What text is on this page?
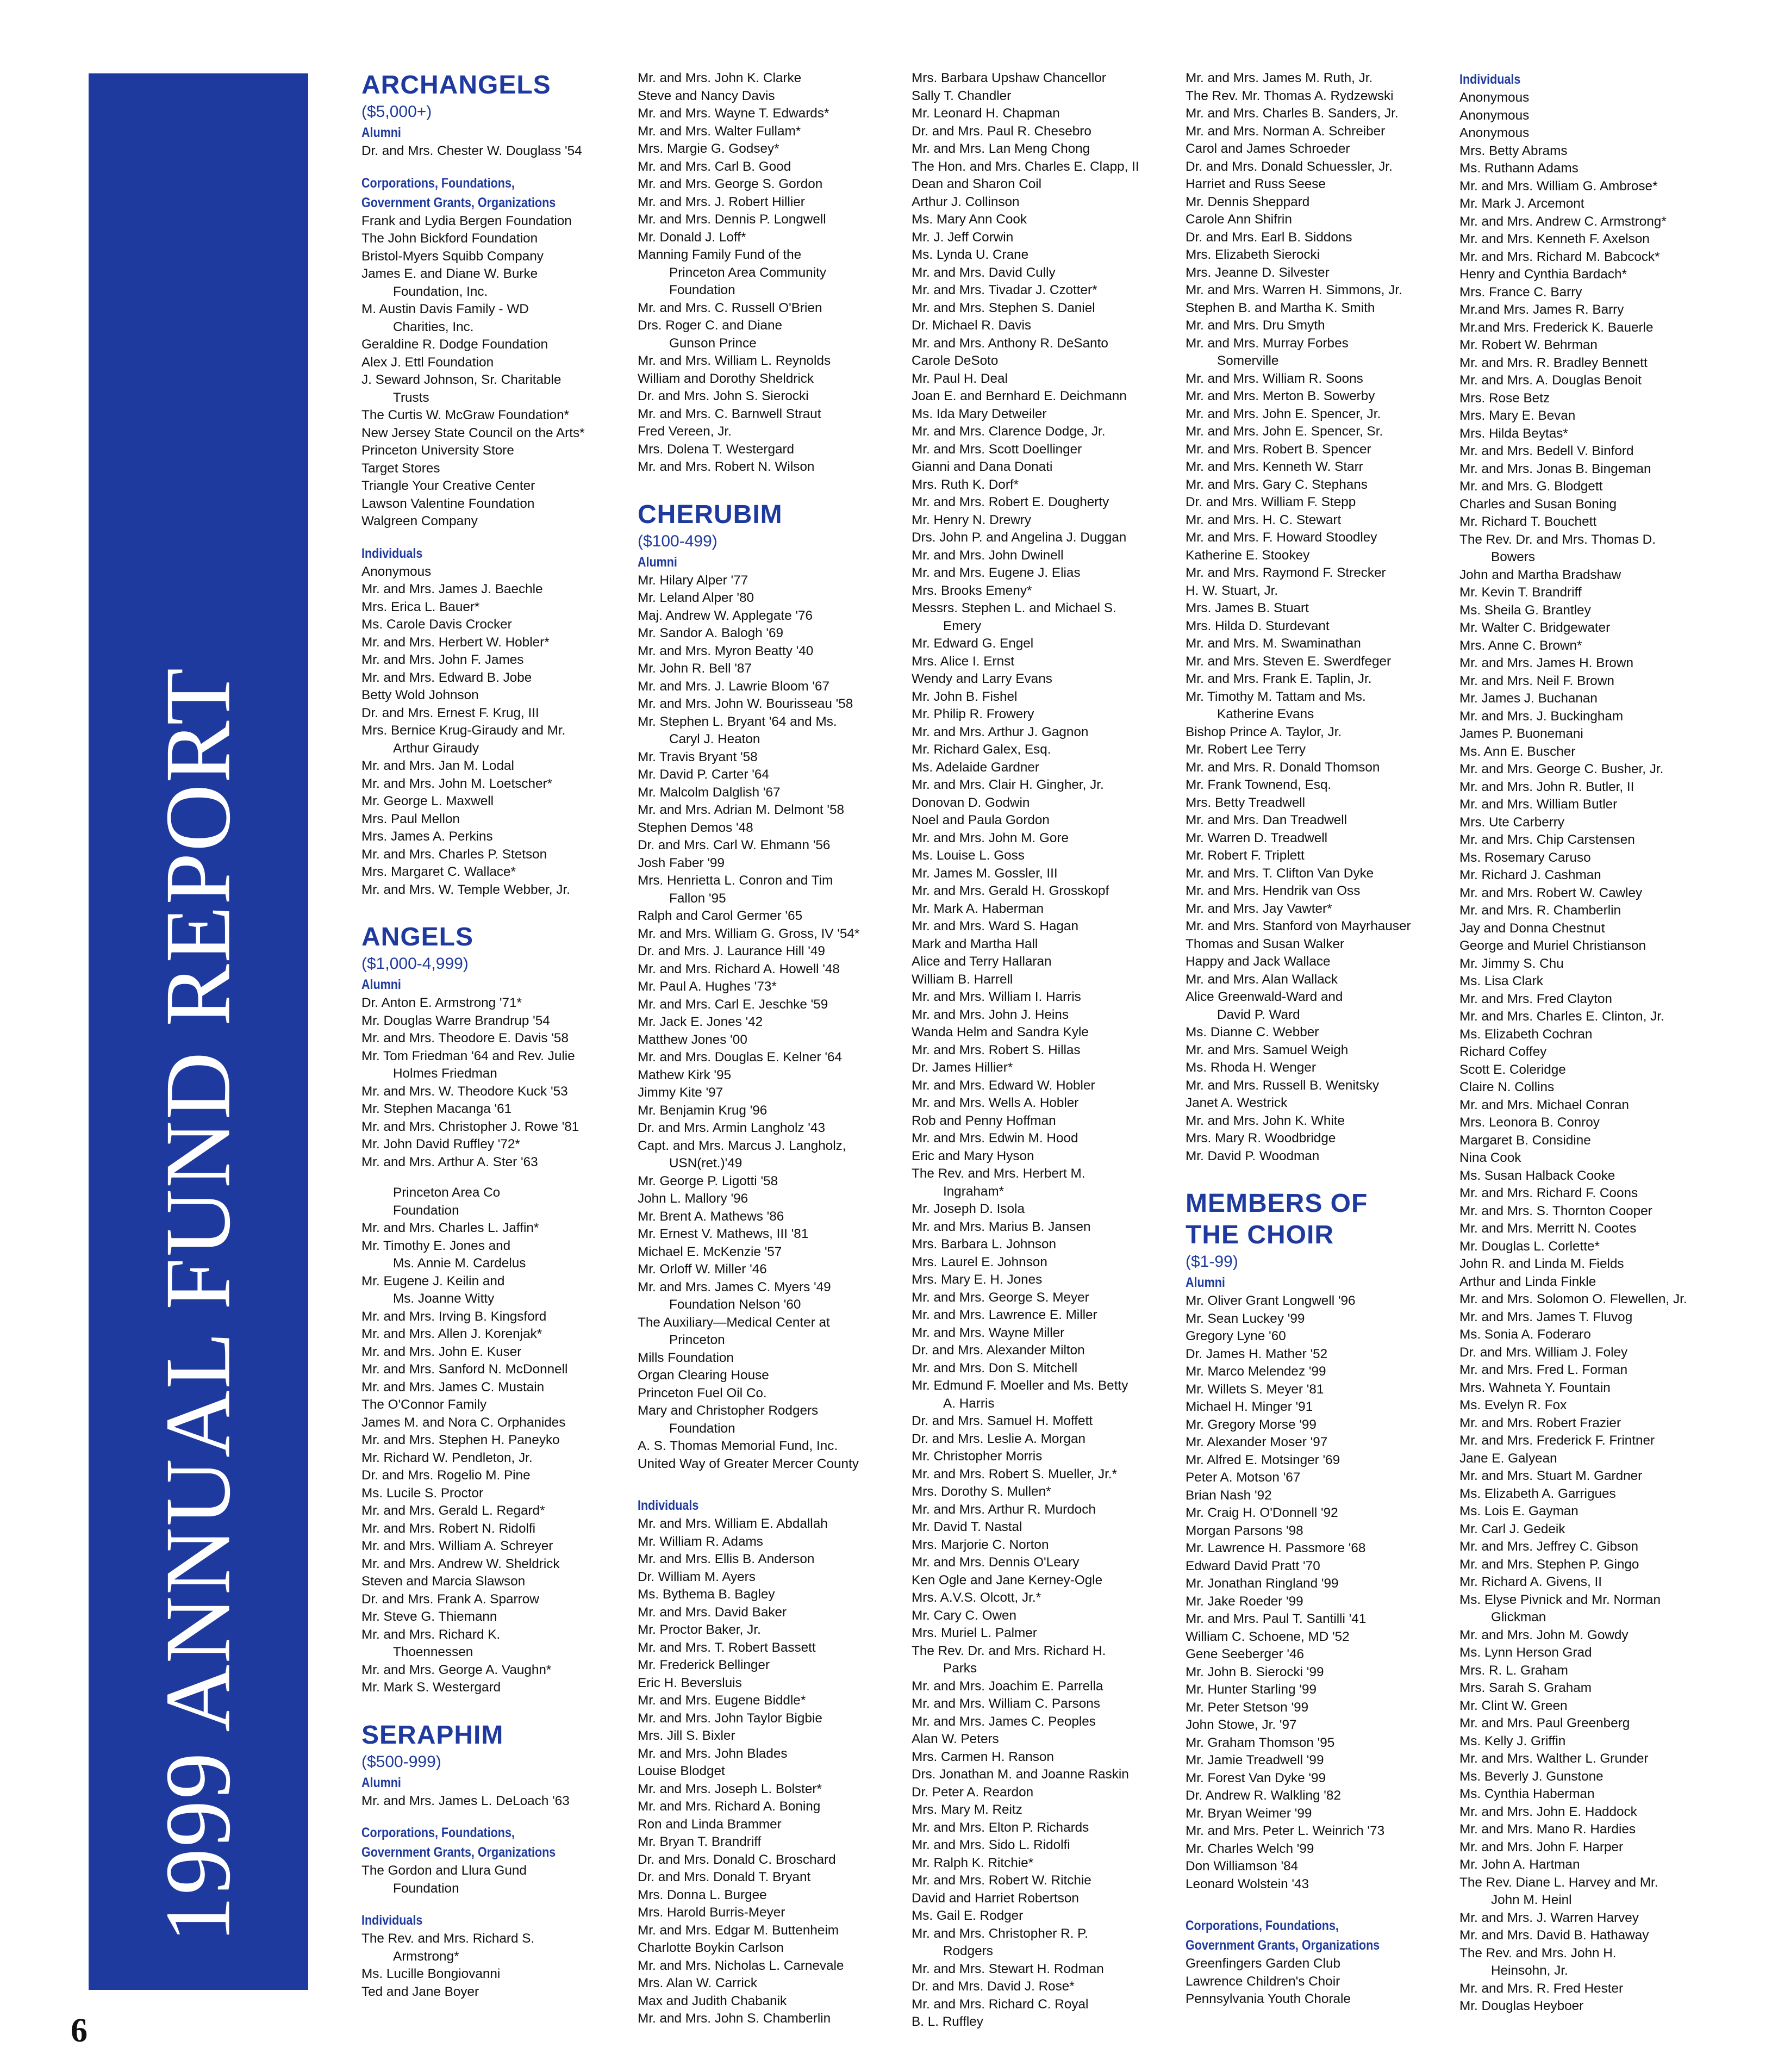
1999 ANNUAL FUND REPORT
6
ARCHANGELS
($5,000+)
Alumni
Dr. and Mrs. Chester W. Douglass '54
Corporations, Foundations,
Government Grants, Organizations
Frank and Lydia Bergen Foundation
The John Bickford Foundation
Bristol-Myers Squibb Company
James E. and Diane W. Burke
Foundation, Inc.
M. Austin Davis Family - WD
Charities, Inc.
Geraldine R. Dodge Foundation
Alex J. Ettl Foundation
J. Seward Johnson, Sr. Charitable
Trusts
The Curtis W. McGraw Foundation*
New Jersey State Council on the Arts*
Princeton University Store
Target Stores
Triangle Your Creative Center
Lawson Valentine Foundation
Walgreen Company
Individuals
Anonymous
Mr. and Mrs. James J. Baechle
Mrs. Erica L. Bauer*
Ms. Carole Davis Crocker
Mr. and Mrs. Herbert W. Hobler*
Mr. and Mrs. John F. James
Mr. and Mrs. Edward B. Jobe
Betty Wold Johnson
Dr. and Mrs. Ernest F. Krug, III
Mrs. Bernice Krug-Giraudy and Mr.
Arthur Giraudy
Mr. and Mrs. Jan M. Lodal
Mr. and Mrs. John M. Loetscher*
Mr. George L. Maxwell
Mrs. Paul Mellon
Mrs. James A. Perkins
Mr. and Mrs. Charles P. Stetson
Mrs. Margaret C. Wallace*
Mr. and Mrs. W. Temple Webber, Jr.
ANGELS
($1,000-4,999)
Alumni
Dr. Anton E. Armstrong '71*
Mr. Douglas Warre Brandrup '54
Mr. and Mrs. Theodore E. Davis '58
Mr. Tom Friedman '64 and Rev. Julie
Holmes Friedman
Mr. and Mrs. W. Theodore Kuck '53
Mr. Stephen Macanga '61
Mr. and Mrs. Christopher J. Rowe '81
Mr. John David Ruffley '72*
Mr. and Mrs. Arthur A. Ster '63
Princeton Area Co
Foundation
Mr. and Mrs. Charles L. Jaffin*
Mr. Timothy E. Jones and
Ms. Annie M. Cardelus
Mr. Eugene J. Keilin and
Ms. Joanne Witty
Mr. and Mrs. Irving B. Kingsford
Mr. and Mrs. Allen J. Korenjak*
Mr. and Mrs. John E. Kuser
Mr. and Mrs. Sanford N. McDonnell
Mr. and Mrs. James C. Mustain
The O'Connor Family
James M. and Nora C. Orphanides
Mr. and Mrs. Stephen H. Paneyko
Mr. Richard W. Pendleton, Jr.
Dr. and Mrs. Rogelio M. Pine
Ms. Lucile S. Proctor
Mr. and Mrs. Gerald L. Regard*
Mr. and Mrs. Robert N. Ridolfi
Mr. and Mrs. William A. Schreyer
Mr. and Mrs. Andrew W. Sheldrick
Steven and Marcia Slawson
Dr. and Mrs. Frank A. Sparrow
Mr. Steve G. Thiemann
Mr. and Mrs. Richard K.
Thoennessen
Mr. and Mrs. George A. Vaughn*
Mr. Mark S. Westergard
SERAPHIM
($500-999)
Alumni
Mr. and Mrs. James L. DeLoach '63
Corporations, Foundations,
Government Grants, Organizations
The Gordon and Llura Gund
Foundation
Individuals
The Rev. and Mrs. Richard S.
Armstrong*
Ms. Lucille Bongiovanni
Ted and Jane Boyer
Mr. and Mrs. John K. Clarke
Steve and Nancy Davis
Mr. and Mrs. Wayne T. Edwards*
Mr. and Mrs. Walter Fullam*
Mrs. Margie G. Godsey*
Mr. and Mrs. Carl B. Good
Mr. and Mrs. George S. Gordon
Mr. and Mrs. J. Robert Hillier
Mr. and Mrs. Dennis P. Longwell
Mr. Donald J. Loff*
Manning Family Fund of the
Princeton Area Community
Foundation
Mr. and Mrs. C. Russell O'Brien
Drs. Roger C. and Diane
Gunson Prince
Mr. and Mrs. William L. Reynolds
William and Dorothy Sheldrick
Dr. and Mrs. John S. Sierocki
Mr. and Mrs. C. Barnwell Straut
Fred Vereen, Jr.
Mrs. Dolena T. Westergard
Mr. and Mrs. Robert N. Wilson
CHERUBIM
($100-499)
Alumni
Mr. Hilary Alper '77
Mr. Leland Alper '80
Maj. Andrew W. Applegate '76
Mr. Sandor A. Balogh '69
Mr. and Mrs. Myron Beatty '40
Mr. John R. Bell '87
Mr. and Mrs. J. Lawrie Bloom '67
Mr. and Mrs. John W. Bourisseau '58
Mr. Stephen L. Bryant '64 and Ms.
Caryl J. Heaton
Mr. Travis Bryant '58
Mr. David P. Carter '64
Mr. Malcolm Dalglish '67
Mr. and Mrs. Adrian M. Delmont '58
Stephen Demos '48
Dr. and Mrs. Carl W. Ehmann '56
Josh Faber '99
Mrs. Henrietta L. Conron and Tim
Fallon '95
Ralph and Carol Germer '65
Mr. and Mrs. William G. Gross, IV '54*
Dr. and Mrs. J. Laurance Hill '49
Mr. and Mrs. Richard A. Howell '48
Mr. Paul A. Hughes '73*
Mr. and Mrs. Carl E. Jeschke '59
Mr. Jack E. Jones '42
Matthew Jones '00
Mr. and Mrs. Douglas E. Kelner '64
Mathew Kirk '95
Jimmy Kite '97
Mr. Benjamin Krug '96
Dr. and Mrs. Armin Langholz '43
Capt. and Mrs. Marcus J. Langholz,
USN(ret.)'49
Mr. George P. Ligotti '58
John L. Mallory '96
Mr. Brent A. Mathews '86
Mr. Ernest V. Mathews, III '81
Michael E. McKenzie '57
Mr. Orloff W. Miller '46
Mr. and Mrs. James C. Myers '49
Foundation Nelson '60
The Auxiliary—Medical Center at
Princeton
Mills Foundation
Organ Clearing House
Princeton Fuel Oil Co.
Mary and Christopher Rodgers
Foundation
A. S. Thomas Memorial Fund, Inc.
United Way of Greater Mercer County
Individuals
Mr. and Mrs. William E. Abdallah
Mr. William R. Adams
Mr. and Mrs. Ellis B. Anderson
Dr. William M. Ayers
Ms. Bythema B. Bagley
Mr. and Mrs. David Baker
Mr. Proctor Baker, Jr.
Mr. and Mrs. T. Robert Bassett
Mr. Frederick Bellinger
Eric H. Beversluis
Mr. and Mrs. Eugene Biddle*
Mr. and Mrs. John Taylor Bigbie
Mrs. Jill S. Bixler
Mr. and Mrs. John Blades
Louise Blodget
Mr. and Mrs. Joseph L. Bolster*
Mr. and Mrs. Richard A. Boning
Ron and Linda Brammer
Mr. Bryan T. Brandriff
Dr. and Mrs. Donald C. Broschard
Dr. and Mrs. Donald T. Bryant
Mrs. Donna L. Burgee
Mrs. Harold Burris-Meyer
Mr. and Mrs. Edgar M. Buttenheim
Charlotte Boykin Carlson
Mr. and Mrs. Nicholas L. Carnevale
Mrs. Alan W. Carrick
Max and Judith Chabanik
Mr. and Mrs. John S. Chamberlin
Mrs. Barbara Upshaw Chancellor
Sally T. Chandler
Mr. Leonard H. Chapman
Dr. and Mrs. Paul R. Chesebro
Mr. and Mrs. Lan Meng Chong
The Hon. and Mrs. Charles E. Clapp, II
Dean and Sharon Coil
Arthur J. Collinson
Ms. Mary Ann Cook
Mr. J. Jeff Corwin
Ms. Lynda U. Crane
Mr. and Mrs. David Cully
Mr. and Mrs. Tivadar J. Czotter*
Mr. and Mrs. Stephen S. Daniel
Dr. Michael R. Davis
Mr. and Mrs. Anthony R. DeSanto
Carole DeSoto
Mr. Paul H. Deal
Joan E. and Bernhard E. Deichmann
Ms. Ida Mary Detweiler
Mr. and Mrs. Clarence Dodge, Jr.
Mr. and Mrs. Scott Doellinger
Gianni and Dana Donati
Mrs. Ruth K. Dorf*
Mr. and Mrs. Robert E. Dougherty
Mr. Henry N. Drewry
Drs. John P. and Angelina J. Duggan
Mr. and Mrs. John Dwinell
Mr. and Mrs. Eugene J. Elias
Mrs. Brooks Emeny*
Messrs. Stephen L. and Michael S.
Emery
Mr. Edward G. Engel
Mrs. Alice I. Ernst
Wendy and Larry Evans
Mr. John B. Fishel
Mr. Philip R. Frowery
Mr. and Mrs. Arthur J. Gagnon
Mr. Richard Galex, Esq.
Ms. Adelaide Gardner
Mr. and Mrs. Clair H. Gingher, Jr.
Donovan D. Godwin
Noel and Paula Gordon
Mr. and Mrs. John M. Gore
Ms. Louise L. Goss
Mr. James M. Gossler, III
Mr. and Mrs. Gerald H. Grosskopf
Mr. Mark A. Haberman
Mr. and Mrs. Ward S. Hagan
Mark and Martha Hall
Alice and Terry Hallaran
William B. Harrell
Mr. and Mrs. William I. Harris
Mr. and Mrs. John J. Heins
Wanda Helm and Sandra Kyle
Mr. and Mrs. Robert S. Hillas
Dr. James Hillier*
Mr. and Mrs. Edward W. Hobler
Mr. and Mrs. Wells A. Hobler
Rob and Penny Hoffman
Mr. and Mrs. Edwin M. Hood
Eric and Mary Hyson
The Rev. and Mrs. Herbert M.
Ingraham*
Mr. Joseph D. Isola
Mr. and Mrs. Marius B. Jansen
Mrs. Barbara L. Johnson
Mrs. Laurel E. Johnson
Mrs. Mary E. H. Jones
Mr. and Mrs. George S. Meyer
Mr. and Mrs. Lawrence E. Miller
Mr. and Mrs. Wayne Miller
Dr. and Mrs. Alexander Milton
Mr. and Mrs. Don S. Mitchell
Mr. Edmund F. Moeller and Ms. Betty
A. Harris
Dr. and Mrs. Samuel H. Moffett
Dr. and Mrs. Leslie A. Morgan
Mr. Christopher Morris
Mr. and Mrs. Robert S. Mueller, Jr.*
Mrs. Dorothy S. Mullen*
Mr. and Mrs. Arthur R. Murdoch
Mr. David T. Nastal
Mrs. Marjorie C. Norton
Mr. and Mrs. Dennis O'Leary
Ken Ogle and Jane Kerney-Ogle
Mrs. A.V.S. Olcott, Jr.*
Mr. Cary C. Owen
Mrs. Muriel L. Palmer
The Rev. Dr. and Mrs. Richard H.
Parks
Mr. and Mrs. Joachim E. Parrella
Mr. and Mrs. William C. Parsons
Mr. and Mrs. James C. Peoples
Alan W. Peters
Mrs. Carmen H. Ranson
Drs. Jonathan M. and Joanne Raskin
Dr. Peter A. Reardon
Mrs. Mary M. Reitz
Mr. and Mrs. Elton P. Richards
Mr. and Mrs. Sido L. Ridolfi
Mr. Ralph K. Ritchie*
Mr. and Mrs. Robert W. Ritchie
David and Harriet Robertson
Ms. Gail E. Rodger
Mr. and Mrs. Christopher R. P.
Rodgers
Mr. and Mrs. Stewart H. Rodman
Dr. and Mrs. David J. Rose*
Mr. and Mrs. Richard C. Royal
B. L. Ruffley
Mr. and Mrs. James M. Ruth, Jr.
The Rev. Mr. Thomas A. Rydzewski
Mr. and Mrs. Charles B. Sanders, Jr.
Mr. and Mrs. Norman A. Schreiber
Carol and James Schroeder
Dr. and Mrs. Donald Schuessler, Jr.
Harriet and Russ Seese
Mr. Dennis Sheppard
Carole Ann Shifrin
Dr. and Mrs. Earl B. Siddons
Mrs. Elizabeth Sierocki
Mrs. Jeanne D. Silvester
Mr. and Mrs. Warren H. Simmons, Jr.
Stephen B. and Martha K. Smith
Mr. and Mrs. Dru Smyth
Mr. and Mrs. Murray Forbes
Somerville
Mr. and Mrs. William R. Soons
Mr. and Mrs. Merton B. Sowerby
Mr. and Mrs. John E. Spencer, Jr.
Mr. and Mrs. John E. Spencer, Sr.
Mr. and Mrs. Robert B. Spencer
Mr. and Mrs. Kenneth W. Starr
Mr. and Mrs. Gary C. Stephans
Dr. and Mrs. William F. Stepp
Mr. and Mrs. H. C. Stewart
Mr. and Mrs. F. Howard Stoodley
Katherine E. Stookey
Mr. and Mrs. Raymond F. Strecker
H. W. Stuart, Jr.
Mrs. James B. Stuart
Mrs. Hilda D. Sturdevant
Mr. and Mrs. M. Swaminathan
Mr. and Mrs. Steven E. Swerdfeger
Mr. and Mrs. Frank E. Taplin, Jr.
Mr. Timothy M. Tattam and Ms.
Katherine Evans
Bishop Prince A. Taylor, Jr.
Mr. Robert Lee Terry
Mr. and Mrs. R. Donald Thomson
Mr. Frank Townend, Esq.
Mrs. Betty Treadwell
Mr. and Mrs. Dan Treadwell
Mr. Warren D. Treadwell
Mr. Robert F. Triplett
Mr. and Mrs. T. Clifton Van Dyke
Mr. and Mrs. Hendrik van Oss
Mr. and Mrs. Jay Vawter*
Mr. and Mrs. Stanford von Mayrhauser
Thomas and Susan Walker
Happy and Jack Wallace
Mr. and Mrs. Alan Wallack
Alice Greenwald-Ward and
David P. Ward
Ms. Dianne C. Webber
Mr. and Mrs. Samuel Weigh
Ms. Rhoda H. Wenger
Mr. and Mrs. Russell B. Wenitsky
Janet A. Westrick
Mr. and Mrs. John K. White
Mrs. Mary R. Woodbridge
Mr. David P. Woodman
MEMBERS OF
THE CHOIR
($1-99)
Alumni
Mr. Oliver Grant Longwell '96
Mr. Sean Luckey '99
Gregory Lyne '60
Dr. James H. Mather '52
Mr. Marco Melendez '99
Mr. Willets S. Meyer '81
Michael H. Minger '91
Mr. Gregory Morse '99
Mr. Alexander Moser '97
Mr. Alfred E. Motsinger '69
Peter A. Motson '67
Brian Nash '92
Mr. Craig H. O'Donnell '92
Morgan Parsons '98
Mr. Lawrence H. Passmore '68
Edward David Pratt '70
Mr. Jonathan Ringland '99
Mr. Jake Roeder '99
Mr. and Mrs. Paul T. Santilli '41
William C. Schoene, MD '52
Gene Seeberger '46
Mr. John B. Sierocki '99
Mr. Hunter Starling '99
Mr. Peter Stetson '99
John Stowe, Jr. '97
Mr. Graham Thomson '95
Mr. Jamie Treadwell '99
Mr. Forest Van Dyke '99
Dr. Andrew R. Walkling '82
Mr. Bryan Weimer '99
Mr. and Mrs. Peter L. Weinrich '73
Mr. Charles Welch '99
Don Williamson '84
Leonard Wolstein '43
Corporations, Foundations,
Government Grants, Organizations
Greenfingers Garden Club
Lawrence Children's Choir
Pennsylvania Youth Chorale
Individuals
Anonymous
Anonymous
Anonymous
Mrs. Betty Abrams
Ms. Ruthann Adams
Mr. and Mrs. William G. Ambrose*
Mr. Mark J. Arcemont
Mr. and Mrs. Andrew C. Armstrong*
Mr. and Mrs. Kenneth F. Axelson
Mr. and Mrs. Richard M. Babcock*
Henry and Cynthia Bardach*
Mrs. France C. Barry
Mr.and Mrs. James R. Barry
Mr.and Mrs. Frederick K. Bauerle
Mr. Robert W. Behrman
Mr. and Mrs. R. Bradley Bennett
Mr. and Mrs. A. Douglas Benoit
Mrs. Rose Betz
Mrs. Mary E. Bevan
Mrs. Hilda Beytas*
Mr. and Mrs. Bedell V. Binford
Mr. and Mrs. Jonas B. Bingeman
Mr. and Mrs. G. Blodgett
Charles and Susan Boning
Mr. Richard T. Bouchett
The Rev. Dr. and Mrs. Thomas D.
Bowers
John and Martha Bradshaw
Mr. Kevin T. Brandriff
Ms. Sheila G. Brantley
Mr. Walter C. Bridgewater
Mrs. Anne C. Brown*
Mr. and Mrs. James H. Brown
Mr. and Mrs. Neil F. Brown
Mr. James J. Buchanan
Mr. and Mrs. J. Buckingham
James P. Buonemani
Ms. Ann E. Buscher
Mr. and Mrs. George C. Busher, Jr.
Mr. and Mrs. John R. Butler, II
Mr. and Mrs. William Butler
Mrs. Ute Carberry
Mr. and Mrs. Chip Carstensen
Ms. Rosemary Caruso
Mr. Richard J. Cashman
Mr. and Mrs. Robert W. Cawley
Mr. and Mrs. R. Chamberlin
Jay and Donna Chestnut
George and Muriel Christianson
Mr. Jimmy S. Chu
Ms. Lisa Clark
Mr. and Mrs. Fred Clayton
Mr. and Mrs. Charles E. Clinton, Jr.
Ms. Elizabeth Cochran
Richard Coffey
Scott E. Coleridge
Claire N. Collins
Mr. and Mrs. Michael Conran
Mrs. Leonora B. Conroy
Margaret B. Considine
Nina Cook
Ms. Susan Halback Cooke
Mr. and Mrs. Richard F. Coons
Mr. and Mrs. S. Thornton Cooper
Mr. and Mrs. Merritt N. Cootes
Mr. Douglas L. Corlette*
John R. and Linda M. Fields
Arthur and Linda Finkle
Mr. and Mrs. Solomon O. Flewellen, Jr.
Mr. and Mrs. James T. Fluvog
Ms. Sonia A. Foderaro
Dr. and Mrs. William J. Foley
Mr. and Mrs. Fred L. Forman
Mrs. Wahneta Y. Fountain
Ms. Evelyn R. Fox
Mr. and Mrs. Robert Frazier
Mr. and Mrs. Frederick F. Frintner
Jane E. Galyean
Mr. and Mrs. Stuart M. Gardner
Ms. Elizabeth A. Garrigues
Ms. Lois E. Gayman
Mr. Carl J. Gedeik
Mr. and Mrs. Jeffrey C. Gibson
Mr. and Mrs. Stephen P. Gingo
Mr. Richard A. Givens, II
Ms. Elyse Pivnick and Mr. Norman
Glickman
Mr. and Mrs. John M. Gowdy
Ms. Lynn Herson Grad
Mrs. R. L. Graham
Mrs. Sarah S. Graham
Mr. Clint W. Green
Mr. and Mrs. Paul Greenberg
Ms. Kelly J. Griffin
Mr. and Mrs. Walther L. Grunder
Ms. Beverly J. Gunstone
Ms. Cynthia Haberman
Mr. and Mrs. John E. Haddock
Mr. and Mrs. Mano R. Hardies
Mr. and Mrs. John F. Harper
Mr. John A. Hartman
The Rev. Diane L. Harvey and Mr.
John M. Heinl
Mr. and Mrs. J. Warren Harvey
Mr. and Mrs. David B. Hathaway
The Rev. and Mrs. John H.
Heinsohn, Jr.
Mr. and Mrs. R. Fred Hester
Mr. Douglas Heyboer
